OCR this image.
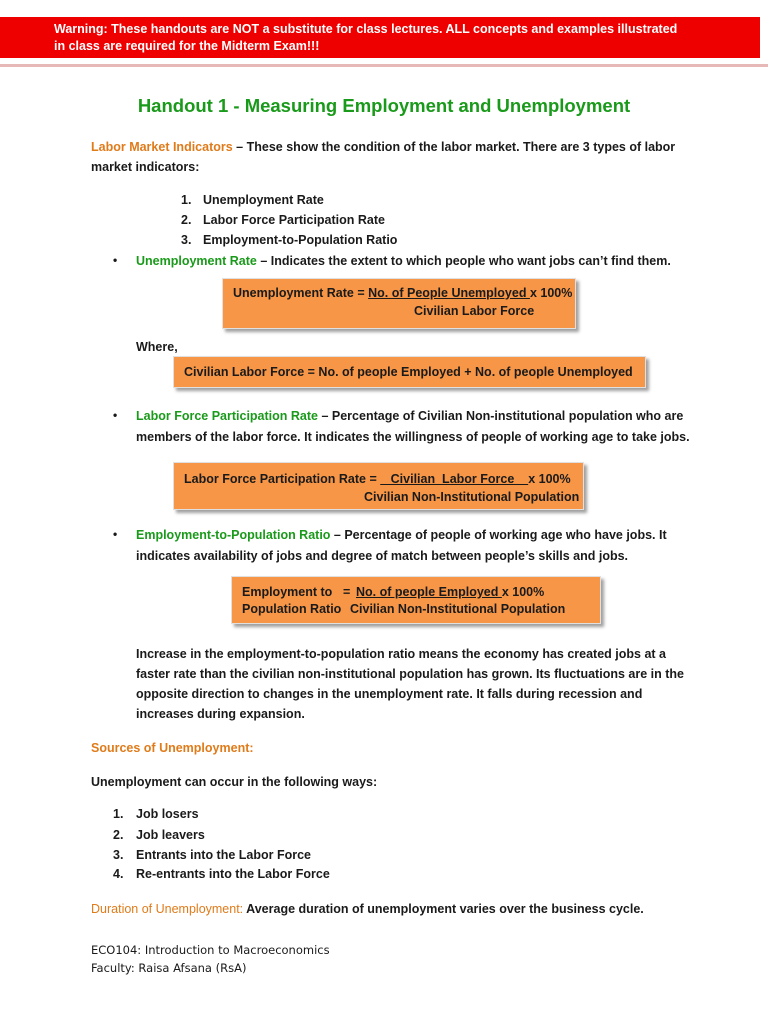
Warning: These handouts are NOT a substitute for class lectures. ALL concepts and examples illustrated
in class are required for the Midterm Exam!!!
Handout 1 - Measuring Employment and Unemployment
Labor Market Indicators – These show the condition of the labor market. There are 3 types of labor
market indicators:
1. Unemployment Rate
2. Labor Force Participation Rate
3. Employment-to-Population Ratio
• Unemployment Rate – Indicates the extent to which people who want jobs can’t find them.
Unemployment Rate = No. of People Unemployed x 100%
Civilian Labor Force
Where,
Civilian Labor Force = No. of people Employed + No. of people Unemployed
• Labor Force Participation Rate – Percentage of Civilian Non-institutional population who are
members of the labor force. It indicates the willingness of people of working age to take jobs.
Labor Force Participation Rate =    Civilian  Labor Force    x 100%
Civilian Non-Institutional Population
• Employment-to-Population Ratio – Percentage of people of working age who have jobs. It
indicates availability of jobs and degree of match between people’s skills and jobs.
Employment to = No. of people Employed x 100%
Population Ratio Civilian Non-Institutional Population
Increase in the employment-to-population ratio means the economy has created jobs at a
faster rate than the civilian non-institutional population has grown. Its fluctuations are in the
opposite direction to changes in the unemployment rate. It falls during recession and
increases during expansion.
Sources of Unemployment:
Unemployment can occur in the following ways:
1. Job losers
2. Job leavers
3. Entrants into the Labor Force
4. Re-entrants into the Labor Force
Duration of Unemployment: Average duration of unemployment varies over the business cycle.
ECO104: Introduction to Macroeconomics
Faculty: Raisa Afsana (RsA)
